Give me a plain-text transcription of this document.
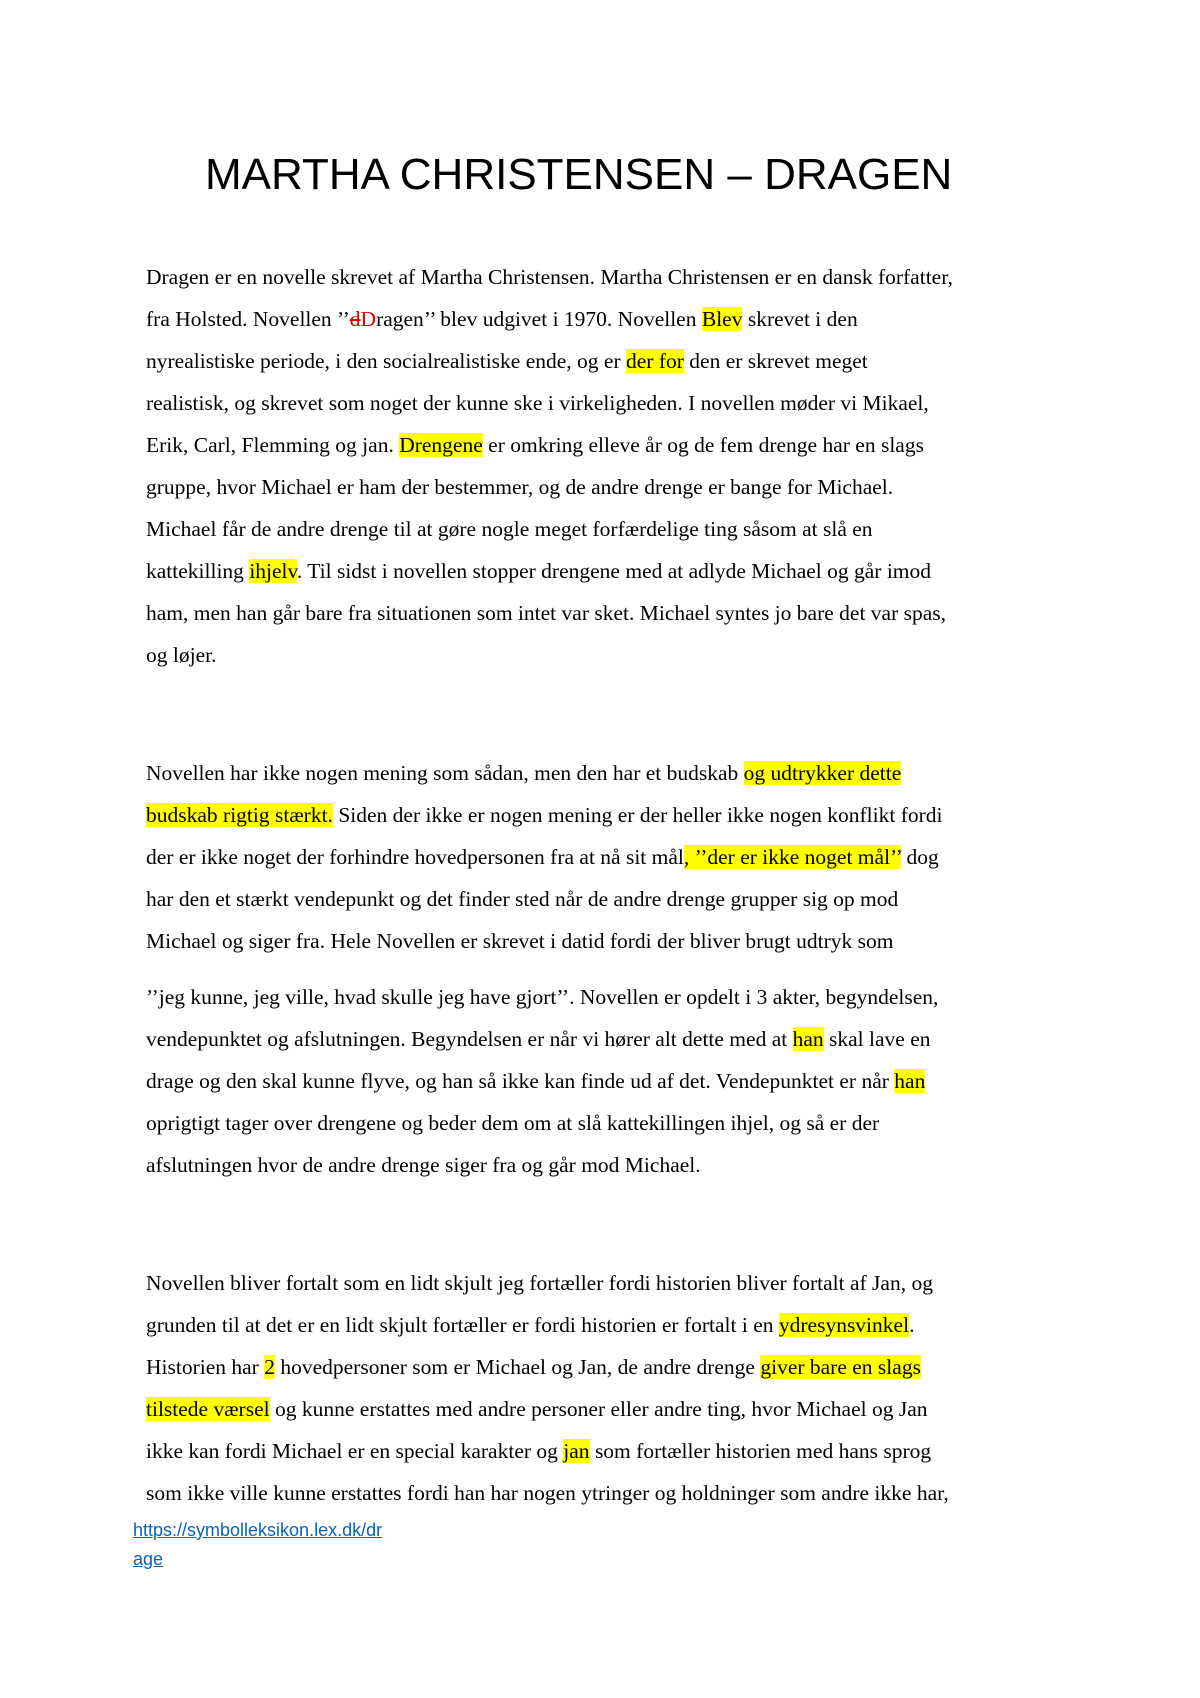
MARTHA CHRISTENSEN – DRAGEN
Dragen er en novelle skrevet af Martha Christensen. Martha Christensen er en dansk forfatter,
fra Holsted. Novellen ’’dDragen’’ blev udgivet i 1970. Novellen Blev skrevet i den
nyrealistiske periode, i den socialrealistiske ende, og er der for den er skrevet meget
realistisk, og skrevet som noget der kunne ske i virkeligheden. I novellen møder vi Mikael,
Erik, Carl, Flemming og jan. Drengene er omkring elleve år og de fem drenge har en slags
gruppe, hvor Michael er ham der bestemmer, og de andre drenge er bange for Michael.
Michael får de andre drenge til at gøre nogle meget forfærdelige ting såsom at slå en
kattekilling ihjelv. Til sidst i novellen stopper drengene med at adlyde Michael og går imod
ham, men han går bare fra situationen som intet var sket. Michael syntes jo bare det var spas,
og løjer.
Novellen har ikke nogen mening som sådan, men den har et budskab og udtrykker dette
budskab rigtig stærkt. Siden der ikke er nogen mening er der heller ikke nogen konflikt fordi
der er ikke noget der forhindre hovedpersonen fra at nå sit mål, ’’der er ikke noget mål’’ dog
har den et stærkt vendepunkt og det finder sted når de andre drenge grupper sig op mod
Michael og siger fra. Hele Novellen er skrevet i datid fordi der bliver brugt udtryk som
’’jeg kunne, jeg ville, hvad skulle jeg have gjort’’. Novellen er opdelt i 3 akter, begyndelsen,
vendepunktet og afslutningen. Begyndelsen er når vi hører alt dette med at han skal lave en
drage og den skal kunne flyve, og han så ikke kan finde ud af det. Vendepunktet er når han
oprigtigt tager over drengene og beder dem om at slå kattekillingen ihjel, og så er der
afslutningen hvor de andre drenge siger fra og går mod Michael.
Novellen bliver fortalt som en lidt skjult jeg fortæller fordi historien bliver fortalt af Jan, og
grunden til at det er en lidt skjult fortæller er fordi historien er fortalt i en ydresynsvinkel.
Historien har 2 hovedpersoner som er Michael og Jan, de andre drenge giver bare en slags
tilstede værsel og kunne erstattes med andre personer eller andre ting, hvor Michael og Jan
ikke kan fordi Michael er en special karakter og jan som fortæller historien med hans sprog
som ikke ville kunne erstattes fordi han har nogen ytringer og holdninger som andre ikke har,
https://symbolleksikon.lex.dk/dr
age
